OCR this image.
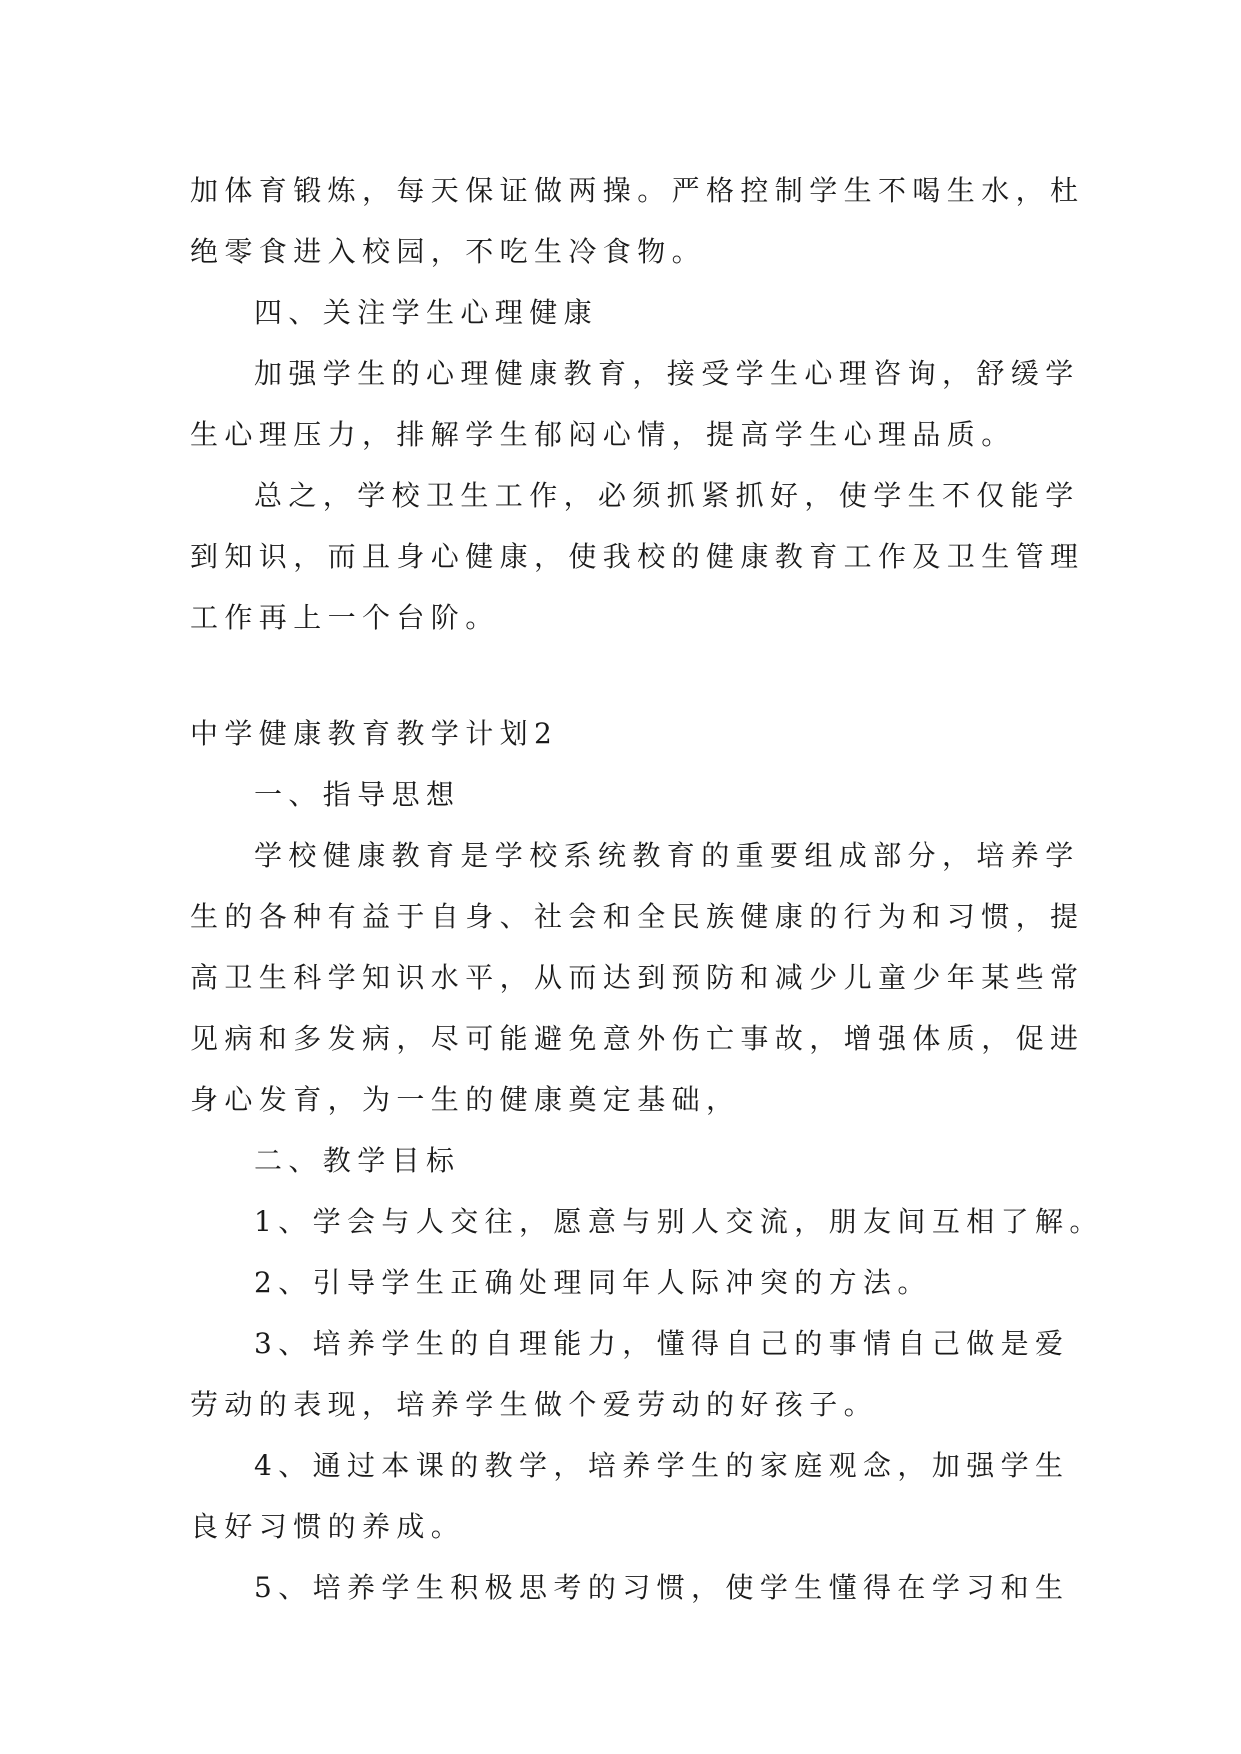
加体育锻炼，每天保证做两操。严格控制学生不喝生水，杜

绝零食进入校园，不吃生冷食物。

四、关注学生心理健康

加强学生的心理健康教育，接受学生心理咨询，舒缓学

生心理压力，排解学生郁闷心情，提高学生心理品质。

总之，学校卫生工作，必须抓紧抓好，使学生不仅能学

到知识，而且身心健康，使我校的健康教育工作及卫生管理

工作再上一个台阶。

中学健康教育教学计划2

一、指导思想

学校健康教育是学校系统教育的重要组成部分，培养学

生的各种有益于自身、社会和全民族健康的行为和习惯，提

高卫生科学知识水平，从而达到预防和减少儿童少年某些常

见病和多发病，尽可能避免意外伤亡事故，增强体质，促进

身心发育，为一生的健康奠定基础，

二、教学目标

1、学会与人交往，愿意与别人交流，朋友间互相了解。

2、引导学生正确处理同年人际冲突的方法。

3、培养学生的自理能力，懂得自己的事情自己做是爱

劳动的表现，培养学生做个爱劳动的好孩子。

4、通过本课的教学，培养学生的家庭观念，加强学生

良好习惯的养成。

5、培养学生积极思考的习惯，使学生懂得在学习和生
